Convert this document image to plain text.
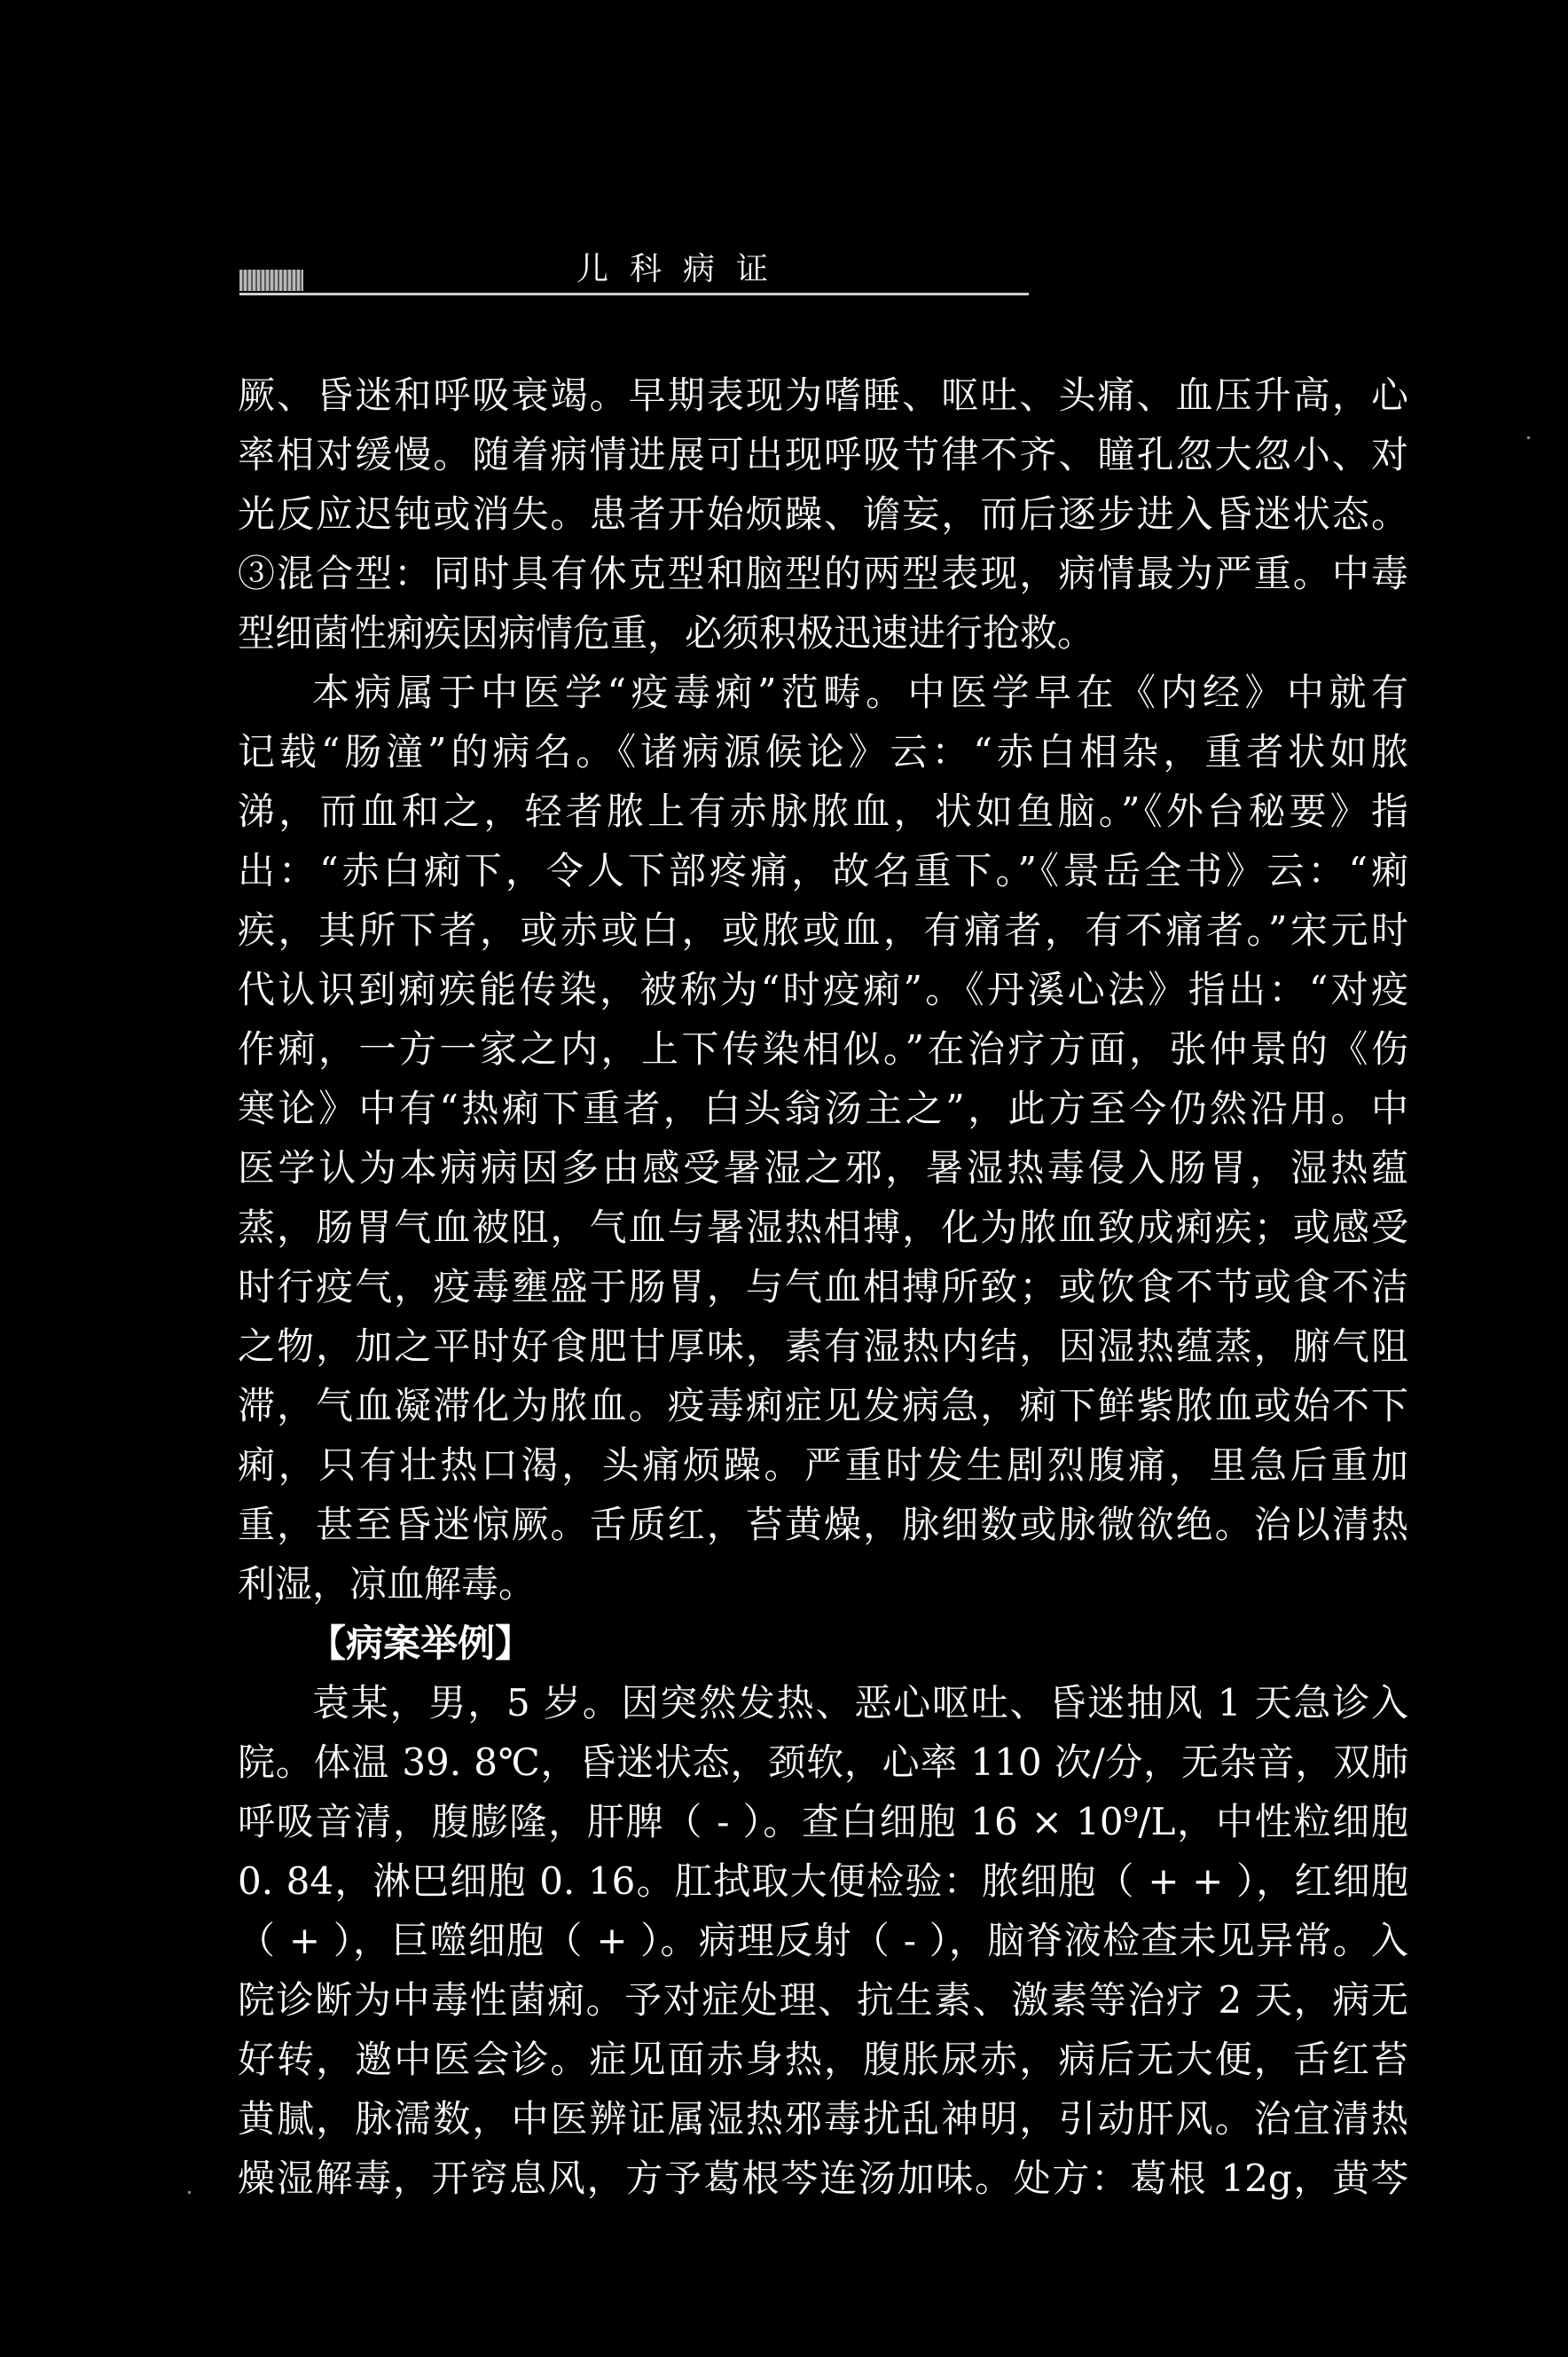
儿科病证
厥、昏迷和呼吸衰竭。早期表现为嗜睡、呕吐、头痛、血压升高，心
率相对缓慢。随着病情进展可出现呼吸节律不齐、瞳孔忽大忽小、对
光反应迟钝或消失。患者开始烦躁、谵妄，而后逐步进入昏迷状态。
③混合型：同时具有休克型和脑型的两型表现，病情最为严重。中毒
型细菌性痢疾因病情危重，必须积极迅速进行抢救。
本病属于中医学“疫毒痢”范畴。中医学早在《内经》中就有
记载“肠潼”的病名。《诸病源候论》云：“赤白相杂，重者状如脓
涕，而血和之，轻者脓上有赤脉脓血，状如鱼脑。”《外台秘要》指
出：“赤白痢下，令人下部疼痛，故名重下。”《景岳全书》云：“痢
疾，其所下者，或赤或白，或脓或血，有痛者，有不痛者。”宋元时
代认识到痢疾能传染，被称为“时疫痢”。《丹溪心法》指出：“对疫
作痢，一方一家之内，上下传染相似。”在治疗方面，张仲景的《伤
寒论》中有“热痢下重者，白头翁汤主之”，此方至今仍然沿用。中
医学认为本病病因多由感受暑湿之邪，暑湿热毒侵入肠胃，湿热蕴
蒸，肠胃气血被阻，气血与暑湿热相搏，化为脓血致成痢疾；或感受
时行疫气，疫毒壅盛于肠胃，与气血相搏所致；或饮食不节或食不洁
之物，加之平时好食肥甘厚味，素有湿热内结，因湿热蕴蒸，腑气阻
滞，气血凝滞化为脓血。疫毒痢症见发病急，痢下鲜紫脓血或始不下
痢，只有壮热口渴，头痛烦躁。严重时发生剧烈腹痛，里急后重加
重，甚至昏迷惊厥。舌质红，苔黄燥，脉细数或脉微欲绝。治以清热
利湿，凉血解毒。
【病案举例】
袁某，男，5 岁。因突然发热、恶心呕吐、昏迷抽风 1 天急诊入
院。体温 39. 8℃，昏迷状态，颈软，心率 110 次/分，无杂音，双肺
呼吸音清，腹膨隆，肝脾（ - ）。查白细胞 16 × 10⁹/L，中性粒细胞
0. 84，淋巴细胞 0. 16。肛拭取大便检验：脓细胞（ + + ），红细胞
（ + ），巨噬细胞（ + ）。病理反射（ - ），脑脊液检查未见异常。入
院诊断为中毒性菌痢。予对症处理、抗生素、激素等治疗 2 天，病无
好转，邀中医会诊。症见面赤身热，腹胀尿赤，病后无大便，舌红苔
黄腻，脉濡数，中医辨证属湿热邪毒扰乱神明，引动肝风。治宜清热
燥湿解毒，开窍息风，方予葛根芩连汤加味。处方：葛根 12g，黄芩
